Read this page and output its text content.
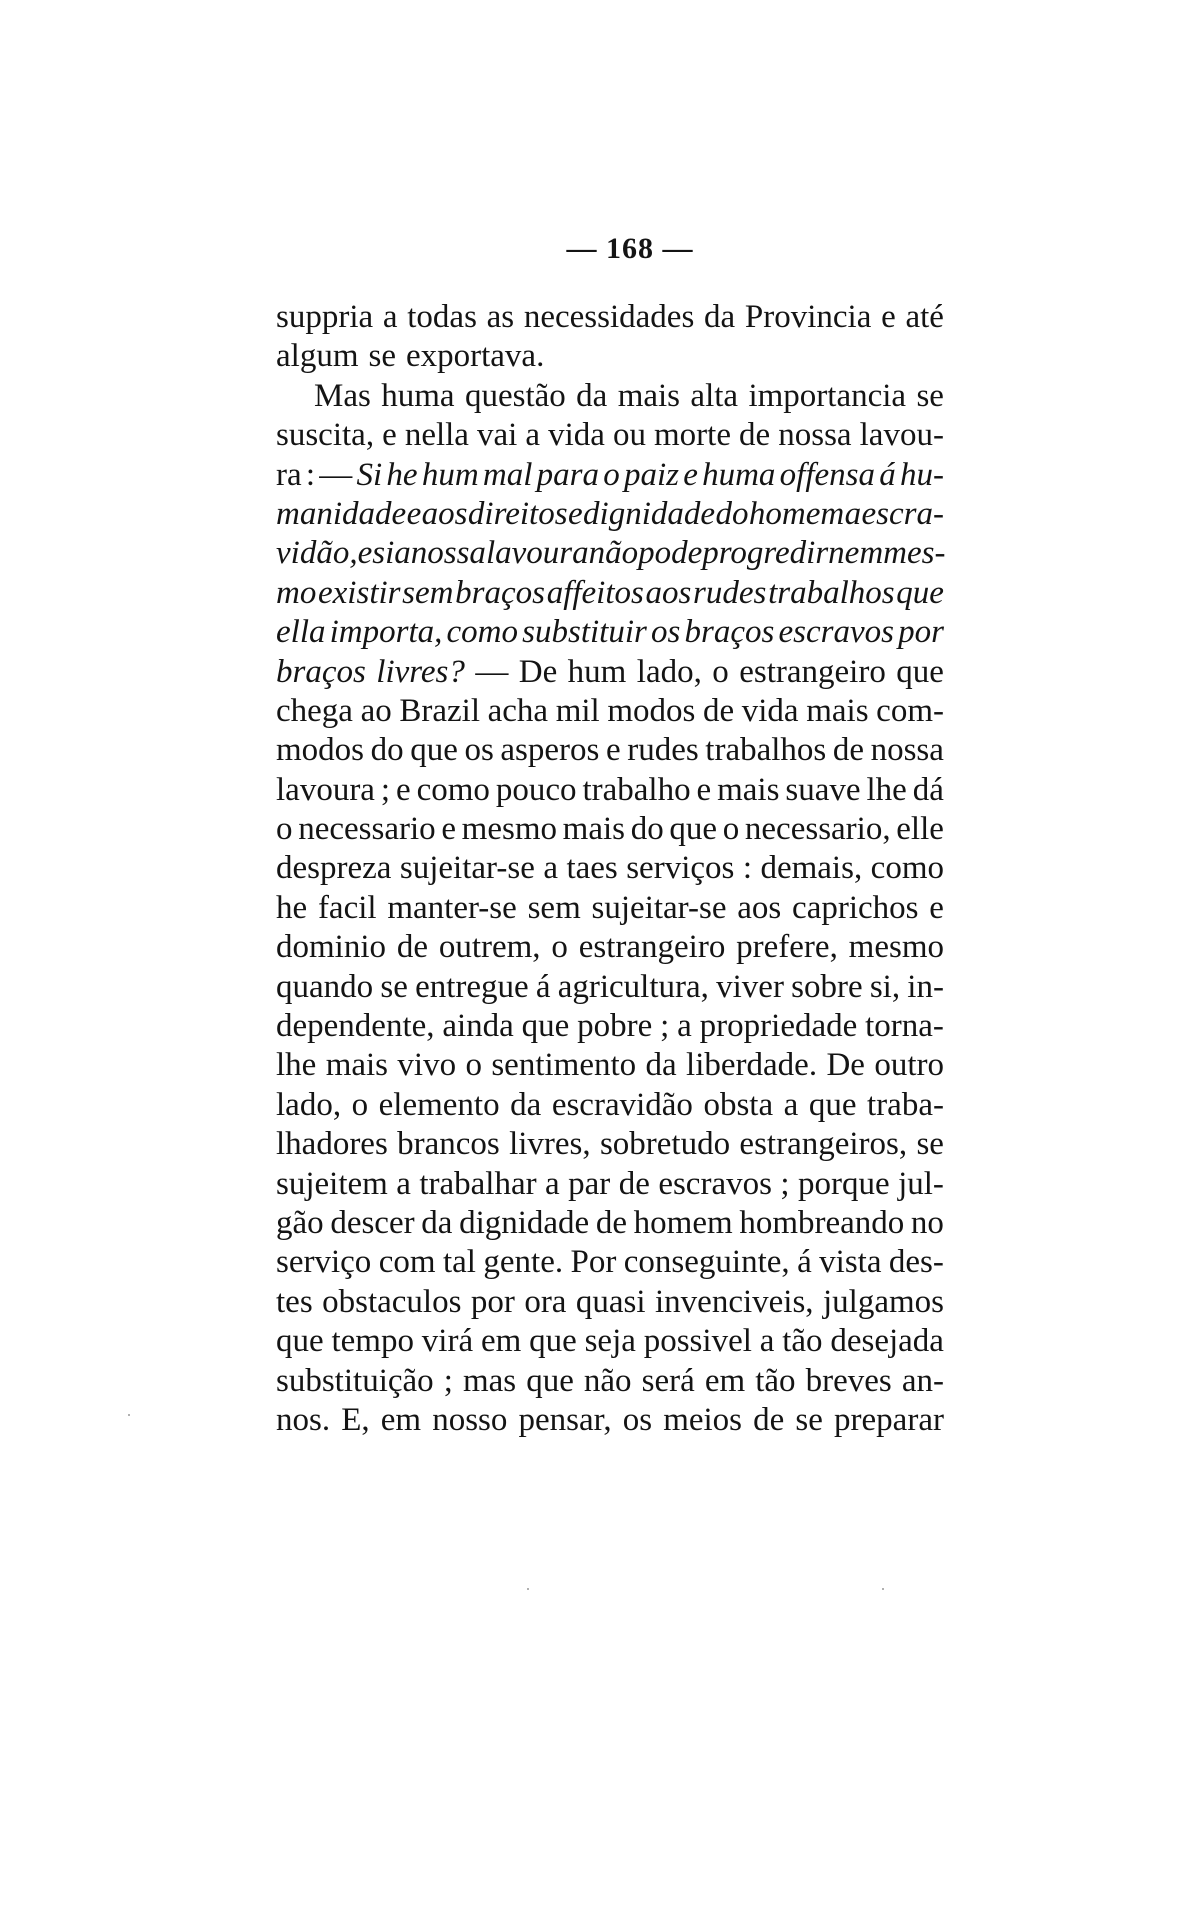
— 168 —
suppria a todas as necessidades da Provincia e até
algum se exportava.
Mas huma questão da mais alta importancia se
suscita, e nella vai a vida ou morte de nossa lavou-
ra : — Si he hum mal para o paiz e huma offensa á hu-
manidade e aos direitos e dignidade do homem a escra-
vidão, e si a nossa lavoura não pode progredir nem mes-
mo existir sem braços affeitos aos rudes trabalhos que
ella importa, como substituir os braços escravos por
braços livres? — De hum lado, o estrangeiro que
chega ao Brazil acha mil modos de vida mais com-
modos do que os asperos e rudes trabalhos de nossa
lavoura ; e como pouco trabalho e mais suave lhe dá
o necessario e mesmo mais do que o necessario, elle
despreza sujeitar-se a taes serviços : demais, como
he facil manter-se sem sujeitar-se aos caprichos e
dominio de outrem, o estrangeiro prefere, mesmo
quando se entregue á agricultura, viver sobre si, in-
dependente, ainda que pobre ; a propriedade torna-
lhe mais vivo o sentimento da liberdade. De outro
lado, o elemento da escravidão obsta a que traba-
lhadores brancos livres, sobretudo estrangeiros, se
sujeitem a trabalhar a par de escravos ; porque jul-
gão descer da dignidade de homem hombreando no
serviço com tal gente. Por conseguinte, á vista des-
tes obstaculos por ora quasi invenciveis, julgamos
que tempo virá em que seja possivel a tão desejada
substituição ; mas que não será em tão breves an-
nos. E, em nosso pensar, os meios de se preparar
